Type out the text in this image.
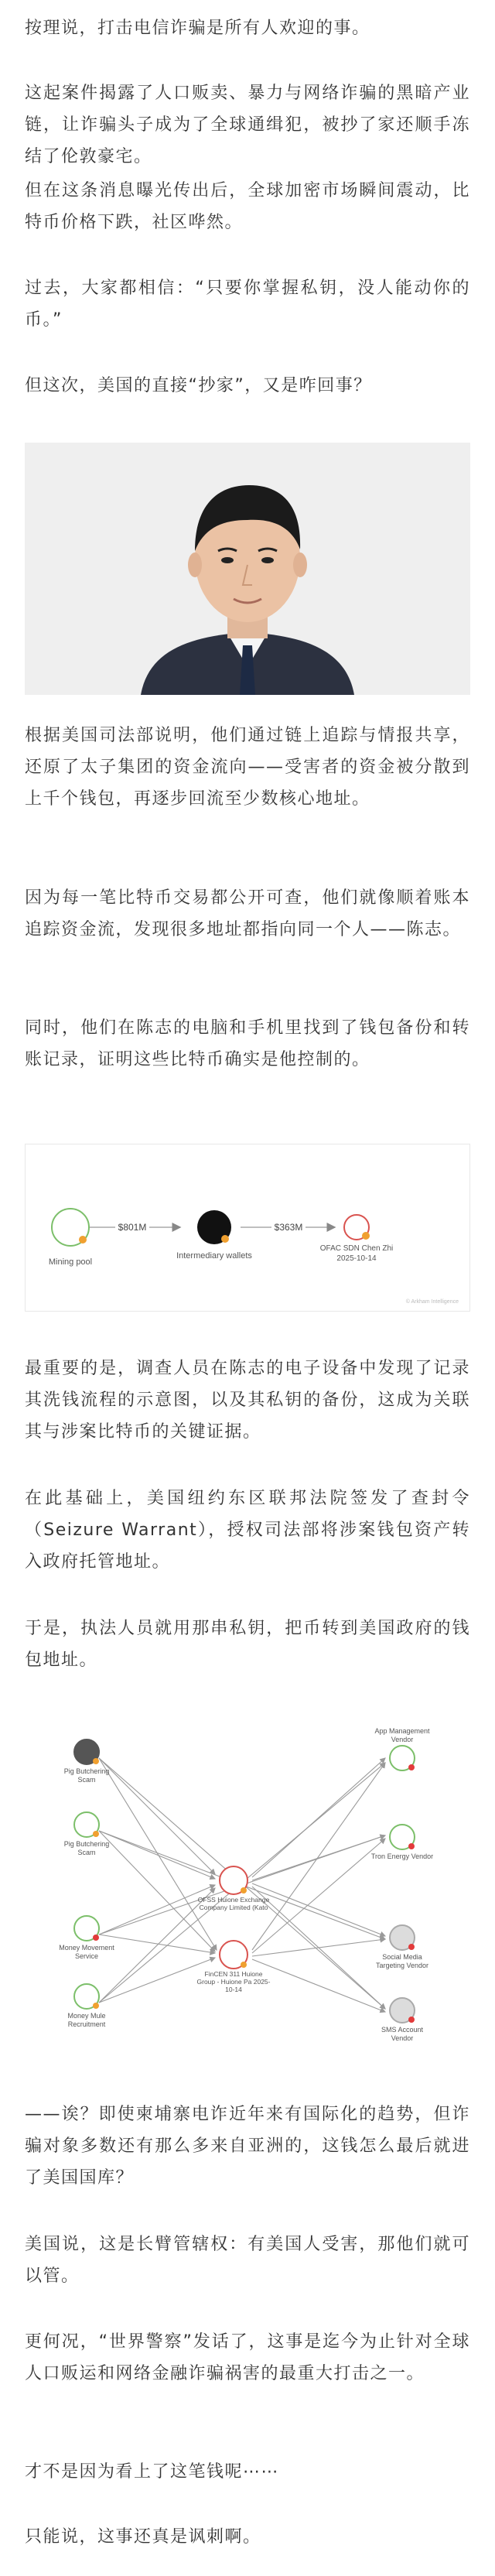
按理说，打击电信诈骗是所有人欢迎的事。

这起案件揭露了人口贩卖、暴力与网络诈骗的黑暗产业链，让诈骗头子成为了全球通缉犯，被抄了家还顺手冻结了伦敦豪宅。

但在这条消息曝光传出后，全球加密市场瞬间震动，比特币价格下跌，社区哗然。

过去，大家都相信：“只要你掌握私钥，没人能动你的币。”

但这次，美国的直接“抄家”，又是咋回事？

根据美国司法部说明，他们通过链上追踪与情报共享，还原了太子集团的资金流向——受害者的资金被分散到上千个钱包，再逐步回流至少数核心地址。

因为每一笔比特币交易都公开可查，他们就像顺着账本追踪资金流，发现很多地址都指向同一个人——陈志。

同时，他们在陈志的电脑和手机里找到了钱包备份和转账记录，证明这些比特币确实是他控制的。

$801M	$363M
Mining pool
Intermediary wallets
OFAC SDN Chen Zhi 2025-10-14
© Arkham Intelligence

最重要的是，调查人员在陈志的电子设备中发现了记录其洗钱流程的示意图，以及其私钥的备份，这成为关联其与涉案比特币的关键证据。

在此基础上，美国纽约东区联邦法院签发了查封令（Seizure Warrant），授权司法部将涉案钱包资产转入政府托管地址。

于是，执法人员就用那串私钥，把币转到美国政府的钱包地址。

Pig Butchering Scam
Pig Butchering Scam
Money Movement Service
Money Mule Recruitment
OFSS Huione Exchange Company Limited (Kato
FinCEN 311 Huione Group - Huione Pa 2025-10-14
App Management Vendor
Tron Energy Vendor
Social Media Targeting Vendor
SMS Account Vendor

——诶？即使柬埔寨电诈近年来有国际化的趋势，但诈骗对象多数还有那么多来自亚洲的，这钱怎么最后就进了美国国库？

美国说，这是长臂管辖权：有美国人受害，那他们就可以管。

更何况，“世界警察”发话了，这事是迄今为止针对全球人口贩运和网络金融诈骗祸害的最重大打击之一。

才不是因为看上了这笔钱呢⋯⋯

只能说，这事还真是讽刺啊。
